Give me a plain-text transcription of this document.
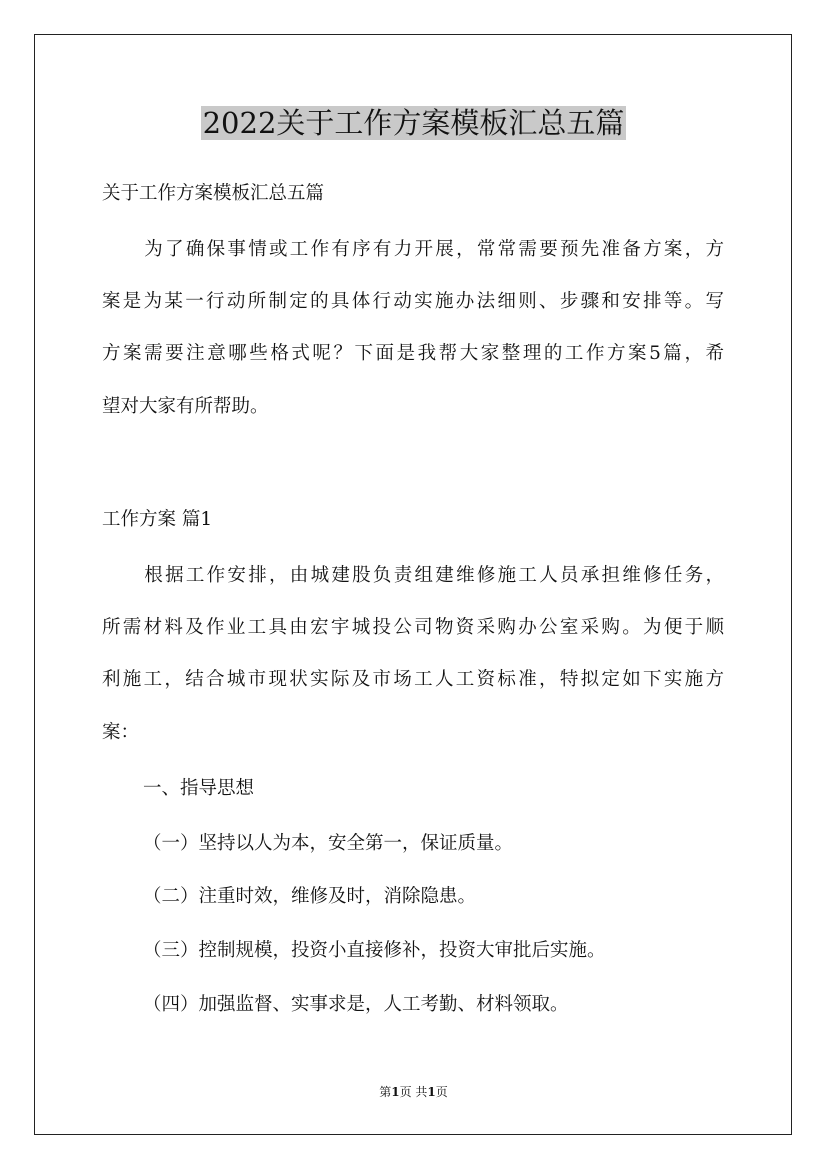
2022关于工作方案模板汇总五篇
关于工作方案模板汇总五篇
为了确保事情或工作有序有力开展，常常需要预先准备方案，方
案是为某一行动所制定的具体行动实施办法细则、步骤和安排等。写
方案需要注意哪些格式呢？下面是我帮大家整理的工作方案5篇，希
望对大家有所帮助。
工作方案 篇1
根据工作安排，由城建股负责组建维修施工人员承担维修任务，
所需材料及作业工具由宏宇城投公司物资采购办公室采购。为便于顺
利施工，结合城市现状实际及市场工人工资标准，特拟定如下实施方
案：
一、指导思想
（一）坚持以人为本，安全第一，保证质量。
（二）注重时效，维修及时，消除隐患。
（三）控制规模，投资小直接修补，投资大审批后实施。
（四）加强监督、实事求是，人工考勤、材料领取。
第1页 共1页
